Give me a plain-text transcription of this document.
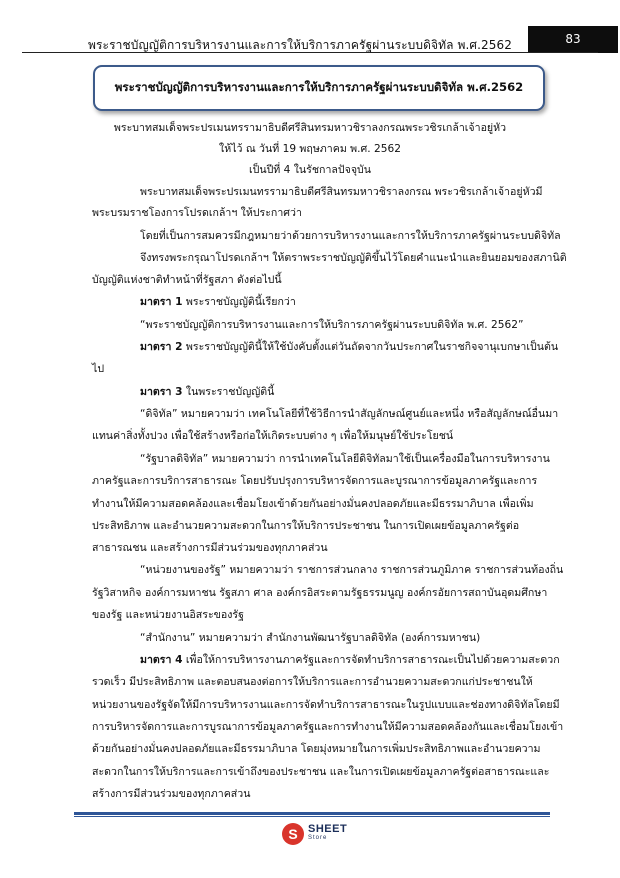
พระราชบัญญัติการบริหารงานและการให้บริการภาครัฐผ่านระบบดิจิทัล พ.ศ.2562	83
พระราชบัญญัติการบริหารงานและการให้บริการภาครัฐผ่านระบบดิจิทัล พ.ศ.2562
พระบาทสมเด็จพระปรเมนทรรามาธิบดีศรีสินทรมหาวชิราลงกรณพระวชิรเกล้าเจ้าอยู่หัว
ให้ไว้ ณ วันที่ 19 พฤษภาคม พ.ศ. 2562
เป็นปีที่ 4 ในรัชกาลปัจจุบัน
พระบาทสมเด็จพระปรเมนทรรามาธิบดีศรีสินทรมหาวชิราลงกรณ พระวชิรเกล้าเจ้าอยู่หัวมี
พระบรมราชโองการโปรดเกล้าฯ ให้ประกาศว่า
โดยที่เป็นการสมควรมีกฎหมายว่าด้วยการบริหารงานและการให้บริการภาครัฐผ่านระบบดิจิทัล
จึงทรงพระกรุณาโปรดเกล้าฯ ให้ตราพระราชบัญญัติขึ้นไว้โดยคำแนะนำและยินยอมของสภานิติ
บัญญัติแห่งชาติทำหน้าที่รัฐสภา ดังต่อไปนี้
มาตรา 1 พระราชบัญญัตินี้เรียกว่า
“พระราชบัญญัติการบริหารงานและการให้บริการภาครัฐผ่านระบบดิจิทัล พ.ศ. 2562”
มาตรา 2 พระราชบัญญัตินี้ให้ใช้บังคับตั้งแต่วันถัดจากวันประกาศในราชกิจจานุเบกษาเป็นต้น
ไป
มาตรา 3 ในพระราชบัญญัตินี้
“ดิจิทัล” หมายความว่า เทคโนโลยีที่ใช้วิธีการนำสัญลักษณ์ศูนย์และหนึ่ง หรือสัญลักษณ์อื่นมา
แทนค่าสิ่งทั้งปวง เพื่อใช้สร้างหรือก่อให้เกิดระบบต่าง ๆ เพื่อให้มนุษย์ใช้ประโยชน์
“รัฐบาลดิจิทัล” หมายความว่า การนำเทคโนโลยีดิจิทัลมาใช้เป็นเครื่องมือในการบริหารงาน
ภาครัฐและการบริการสาธารณะ โดยปรับปรุงการบริหารจัดการและบูรณาการข้อมูลภาครัฐและการ
ทำงานให้มีความสอดคล้องและเชื่อมโยงเข้าด้วยกันอย่างมั่นคงปลอดภัยและมีธรรมาภิบาล เพื่อเพิ่ม
ประสิทธิภาพ และอำนวยความสะดวกในการให้บริการประชาชน ในการเปิดเผยข้อมูลภาครัฐต่อ
สาธารณชน และสร้างการมีส่วนร่วมของทุกภาคส่วน
“หน่วยงานของรัฐ” หมายความว่า ราชการส่วนกลาง ราชการส่วนภูมิภาค ราชการส่วนท้องถิ่น
รัฐวิสาหกิจ องค์การมหาชน รัฐสภา ศาล องค์กรอิสระตามรัฐธรรมนูญ องค์กรอัยการสถาบันอุดมศึกษา
ของรัฐ และหน่วยงานอิสระของรัฐ
“สำนักงาน” หมายความว่า สำนักงานพัฒนารัฐบาลดิจิทัล (องค์การมหาชน)
มาตรา 4 เพื่อให้การบริหารงานภาครัฐและการจัดทำบริการสาธารณะเป็นไปด้วยความสะดวก
รวดเร็ว มีประสิทธิภาพ และตอบสนองต่อการให้บริการและการอำนวยความสะดวกแก่ประชาชนให้
หน่วยงานของรัฐจัดให้มีการบริหารงานและการจัดทำบริการสาธารณะในรูปแบบและช่องทางดิจิทัลโดยมี
การบริหารจัดการและการบูรณาการข้อมูลภาครัฐและการทำงานให้มีความสอดคล้องกันและเชื่อมโยงเข้า
ด้วยกันอย่างมั่นคงปลอดภัยและมีธรรมาภิบาล โดยมุ่งหมายในการเพิ่มประสิทธิภาพและอำนวยความ
สะดวกในการให้บริการและการเข้าถึงของประชาชน และในการเปิดเผยข้อมูลภาครัฐต่อสาธารณะและ
สร้างการมีส่วนร่วมของทุกภาคส่วน
S SHEET
Store
